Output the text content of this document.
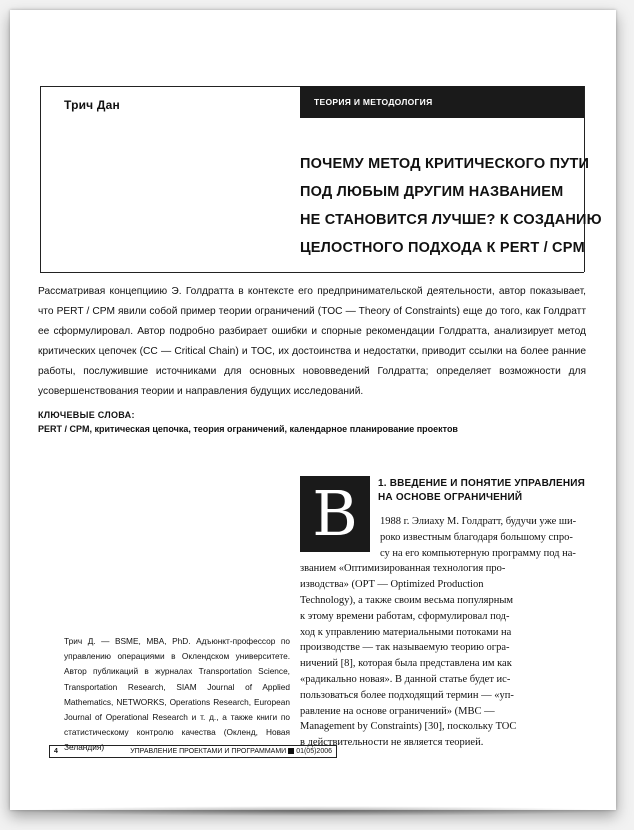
Трич Дан	ТЕОРИЯ И МЕТОДОЛОГИЯ
ПОЧЕМУ МЕТОД КРИТИЧЕСКОГО ПУТИ
ПОД ЛЮБЫМ ДРУГИМ НАЗВАНИЕМ
НЕ СТАНОВИТСЯ ЛУЧШЕ? К СОЗДАНИЮ
ЦЕЛОСТНОГО ПОДХОДА К PERT / CPM
Рассматривая концепциию Э. Голдратта в контексте его предпринимательской деятельности, автор показывает, что PERT / CPM явили собой пример теории ограничений (TOC — Theory of Constraints) еще до того, как Голдратт ее сформулировал. Автор подробно разбирает ошибки и спорные рекомендации Голдратта, анализирует метод критических цепочек (CC — Critical Chain) и TOC, их достоинства и недостатки, приводит ссылки на более ранние работы, послужившие источниками для основных нововведений Голдратта; определяет возможности для усовершенствования теории и направления будущих исследований.
КЛЮЧЕВЫЕ СЛОВА:
PERT / CPM, критическая цепочка, теория ограничений, календарное планирование проектов
В	1. ВВЕДЕНИЕ И ПОНЯТИЕ УПРАВЛЕНИЯ
НА ОСНОВЕ ОГРАНИЧЕНИЙ
1988 г. Элиаху М. Голдратт, будучи уже ши-
роко известным благодаря большому спро-
су на его компьютерную программу под на-
званием «Оптимизированная технология про-
изводства» (OPT — Optimized Production
Technology), а также своим весьма популярным
к этому времени работам, сформулировал под-
ход к управлению материальными потоками на
производстве — так называемую теорию огра-
ничений [8], которая была представлена им как
«радикально новая». В данной статье будет ис-
пользоваться более подходящий термин — «уп-
равление на основе ограничений» (MBC —
Management by Constraints) [30], поскольку TOC
в действительности не является теорией.
Трич Д. — BSME, MBA, PhD. Адъюнкт-профессор по управлению операциями в Оклендском университете. Автор публикаций в журналах Transportation Science, Transportation Research, SIAM Journal of Applied Mathematics, NETWORKS, Operations Research, European Journal of Operational Research и т. д., а также книги по статистическому контролю качества (Окленд, Новая Зеландия)
4	УПРАВЛЕНИЕ ПРОЕКТАМИ И ПРОГРАММАМИ 01(05)2006
